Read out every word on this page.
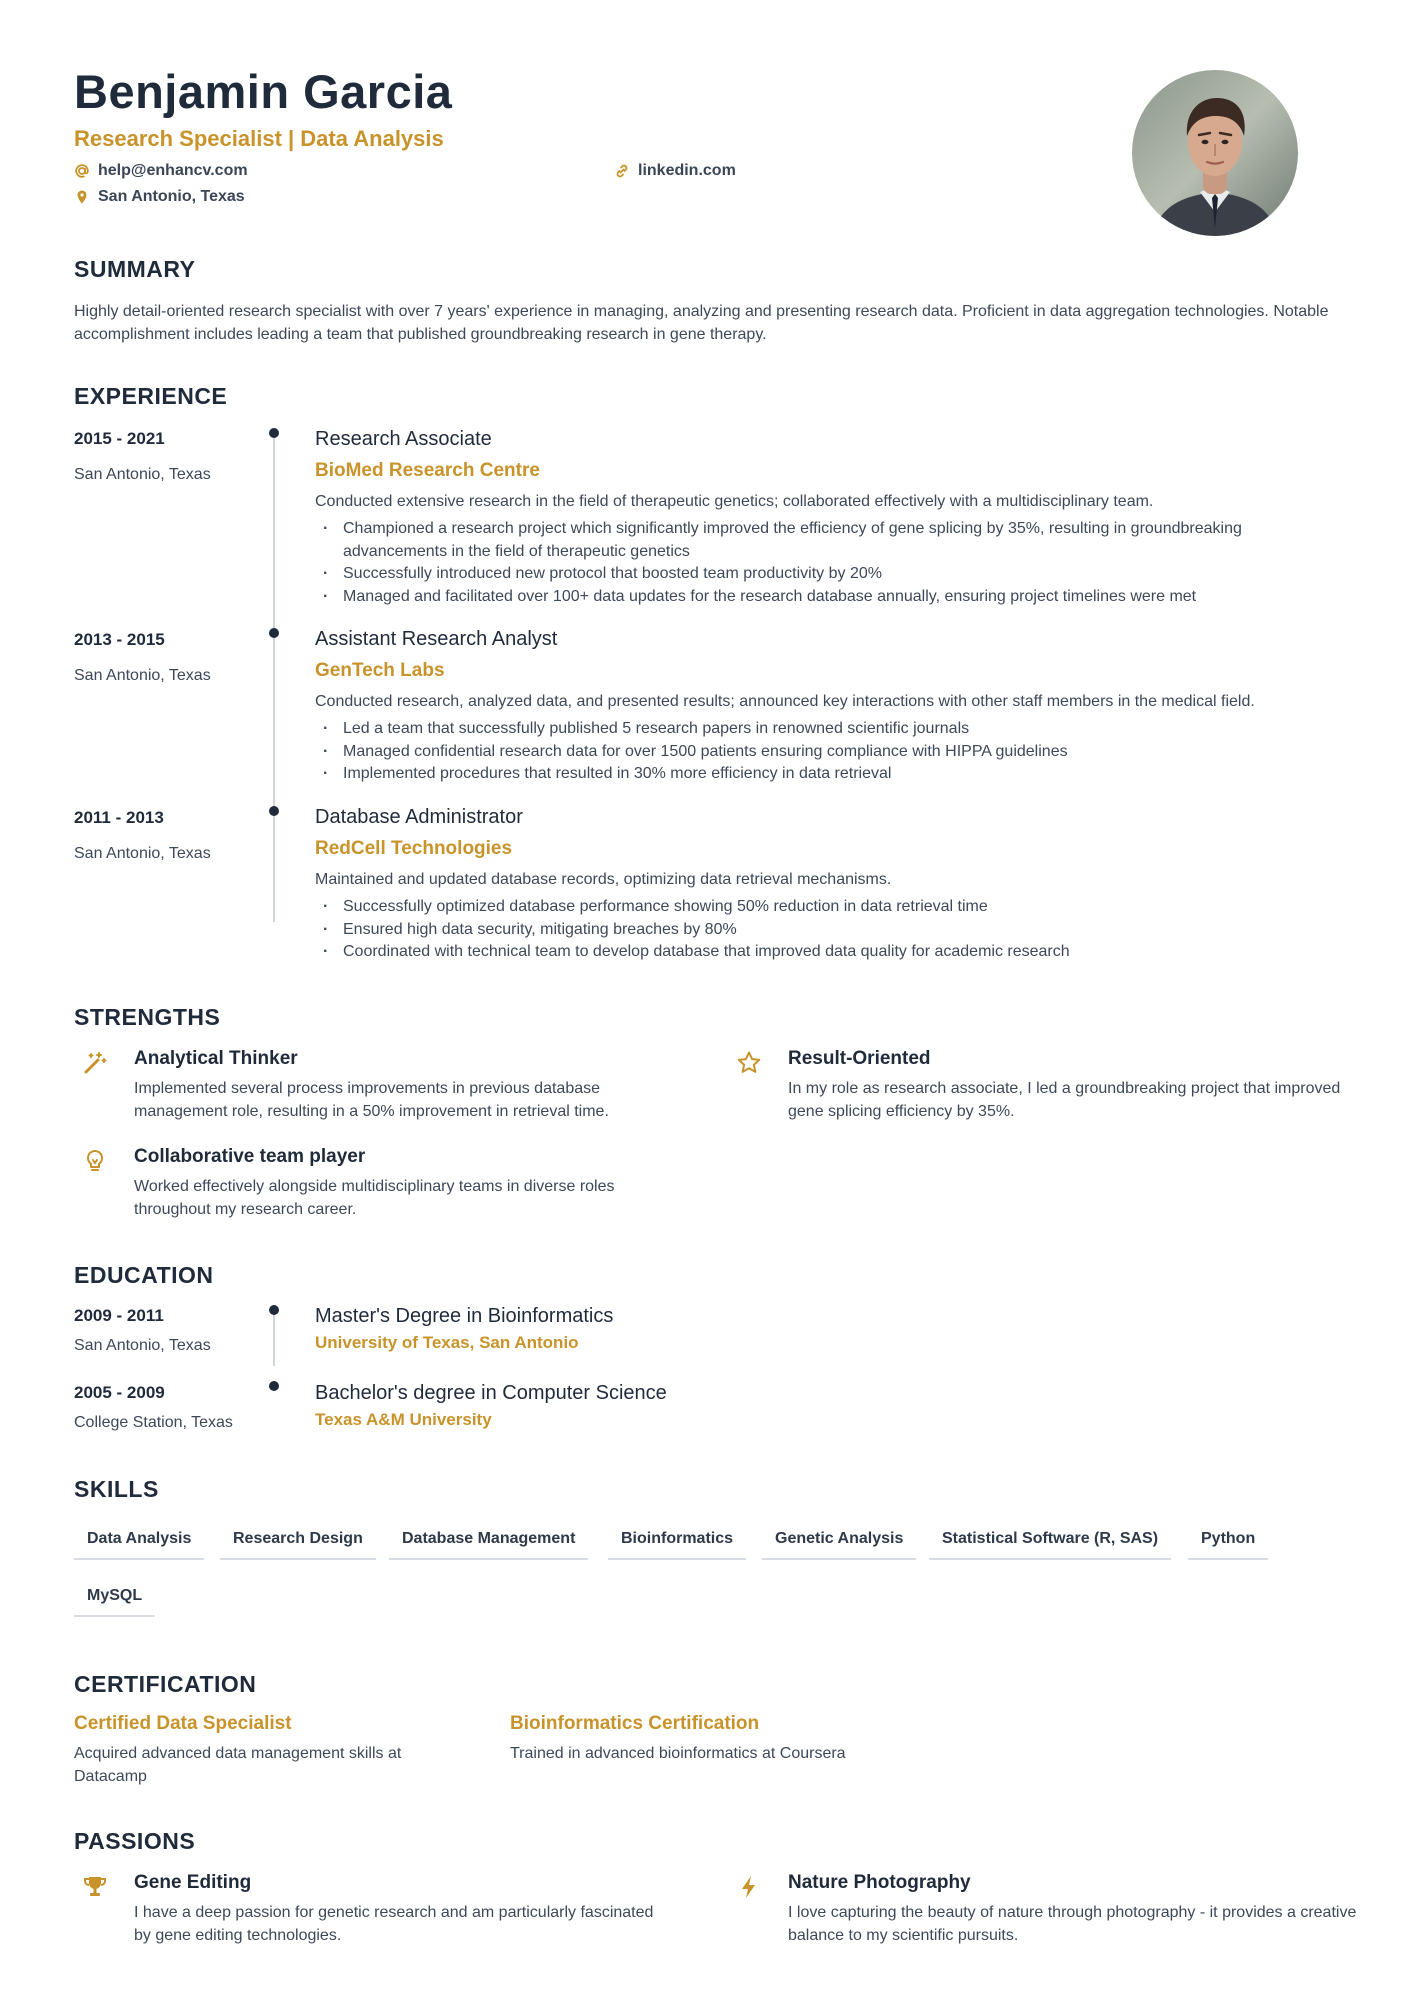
Benjamin Garcia
Research Specialist | Data Analysis
help@enhancv.com	linkedin.com
San Antonio, Texas
SUMMARY
Highly detail-oriented research specialist with over 7 years' experience in managing, analyzing and presenting research data. Proficient in data aggregation technologies. Notable accomplishment includes leading a team that published groundbreaking research in gene therapy.
EXPERIENCE
2015 - 2021
San Antonio, Texas
Research Associate
BioMed Research Centre
Conducted extensive research in the field of therapeutic genetics; collaborated effectively with a multidisciplinary team.
· Championed a research project which significantly improved the efficiency of gene splicing by 35%, resulting in groundbreaking advancements in the field of therapeutic genetics
· Successfully introduced new protocol that boosted team productivity by 20%
· Managed and facilitated over 100+ data updates for the research database annually, ensuring project timelines were met
2013 - 2015
San Antonio, Texas
Assistant Research Analyst
GenTech Labs
Conducted research, analyzed data, and presented results; announced key interactions with other staff members in the medical field.
· Led a team that successfully published 5 research papers in renowned scientific journals
· Managed confidential research data for over 1500 patients ensuring compliance with HIPPA guidelines
· Implemented procedures that resulted in 30% more efficiency in data retrieval
2011 - 2013
San Antonio, Texas
Database Administrator
RedCell Technologies
Maintained and updated database records, optimizing data retrieval mechanisms.
· Successfully optimized database performance showing 50% reduction in data retrieval time
· Ensured high data security, mitigating breaches by 80%
· Coordinated with technical team to develop database that improved data quality for academic research
STRENGTHS
Analytical Thinker
Implemented several process improvements in previous database management role, resulting in a 50% improvement in retrieval time.
Result-Oriented
In my role as research associate, I led a groundbreaking project that improved gene splicing efficiency by 35%.
Collaborative team player
Worked effectively alongside multidisciplinary teams in diverse roles throughout my research career.
EDUCATION
2009 - 2011
San Antonio, Texas
Master's Degree in Bioinformatics
University of Texas, San Antonio
2005 - 2009
College Station, Texas
Bachelor's degree in Computer Science
Texas A&M University
SKILLS
Data Analysis	Research Design	Database Management	Bioinformatics	Genetic Analysis	Statistical Software (R, SAS)	Python
MySQL
CERTIFICATION
Certified Data Specialist
Acquired advanced data management skills at Datacamp
Bioinformatics Certification
Trained in advanced bioinformatics at Coursera
PASSIONS
Gene Editing
I have a deep passion for genetic research and am particularly fascinated by gene editing technologies.
Nature Photography
I love capturing the beauty of nature through photography - it provides a creative balance to my scientific pursuits.
